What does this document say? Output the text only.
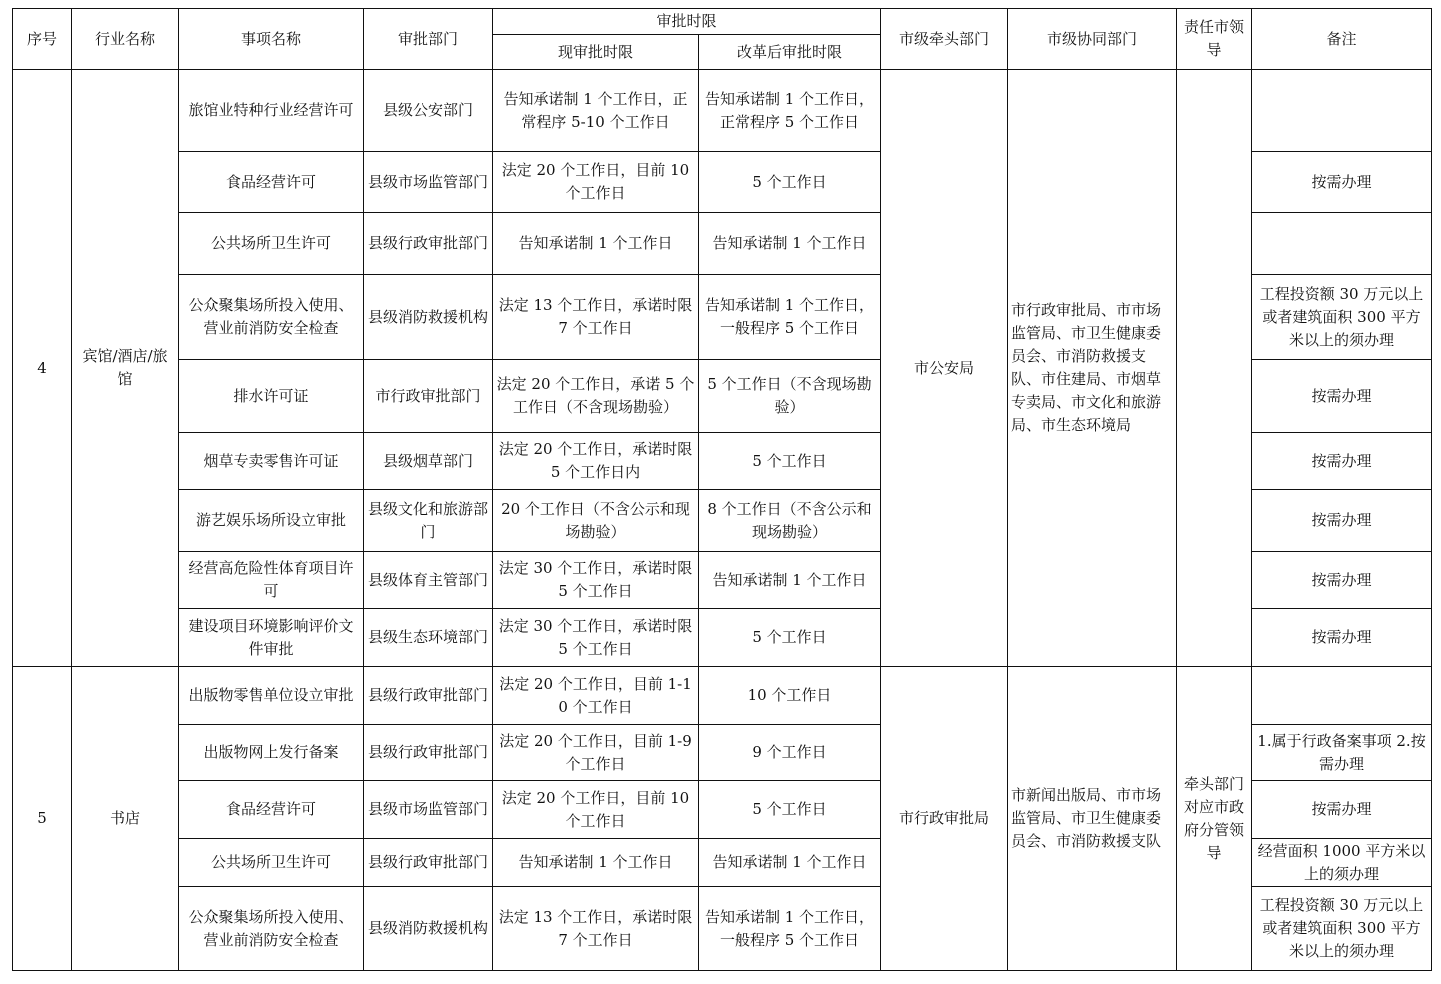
序号	行业名称	事项名称	审批部门	审批时限		市级牵头部门	市级协同部门	责任市领导	备注
				现审批时限	改革后审批时限				
4	宾馆/酒店/旅馆	旅馆业特种行业经营许可	县级公安部门	告知承诺制 1 个工作日，正常程序 5-10 个工作日	告知承诺制 1 个工作日，正常程序 5 个工作日	市公安局	市行政审批局、市市场监管局、市卫生健康委员会、市消防救援支队、市住建局、市烟草专卖局、市文化和旅游局、市生态环境局		
		食品经营许可	县级市场监管部门	法定 20 个工作日，目前 10 个工作日	5 个工作日				按需办理
		公共场所卫生许可	县级行政审批部门	告知承诺制 1 个工作日	告知承诺制 1 个工作日				
		公众聚集场所投入使用、营业前消防安全检查	县级消防救援机构	法定 13 个工作日，承诺时限 7 个工作日	告知承诺制 1 个工作日，一般程序 5 个工作日				工程投资额 30 万元以上或者建筑面积 300 平方米以上的须办理
		排水许可证	市行政审批部门	法定 20 个工作日，承诺 5 个工作日（不含现场勘验）	5 个工作日（不含现场勘验）				按需办理
		烟草专卖零售许可证	县级烟草部门	法定 20 个工作日，承诺时限 5 个工作日内	5 个工作日				按需办理
		游艺娱乐场所设立审批	县级文化和旅游部门	20 个工作日（不含公示和现场勘验）	8 个工作日（不含公示和现场勘验）				按需办理
		经营高危险性体育项目许可	县级体育主管部门	法定 30 个工作日，承诺时限 5 个工作日	告知承诺制 1 个工作日				按需办理
		建设项目环境影响评价文件审批	县级生态环境部门	法定 30 个工作日，承诺时限 5 个工作日	5 个工作日				按需办理
5	书店	出版物零售单位设立审批	县级行政审批部门	法定 20 个工作日，目前 1-10 个工作日	10 个工作日	市行政审批局	市新闻出版局、市市场监管局、市卫生健康委员会、市消防救援支队	牵头部门对应市政府分管领导	
		出版物网上发行备案	县级行政审批部门	法定 20 个工作日，目前 1-9 个工作日	9 个工作日				1.属于行政备案事项 2.按需办理
		食品经营许可	县级市场监管部门	法定 20 个工作日，目前 10 个工作日	5 个工作日				按需办理
		公共场所卫生许可	县级行政审批部门	告知承诺制 1 个工作日	告知承诺制 1 个工作日				经营面积 1000 平方米以上的须办理
		公众聚集场所投入使用、营业前消防安全检查	县级消防救援机构	法定 13 个工作日，承诺时限 7 个工作日	告知承诺制 1 个工作日，一般程序 5 个工作日				工程投资额 30 万元以上或者建筑面积 300 平方米以上的须办理
